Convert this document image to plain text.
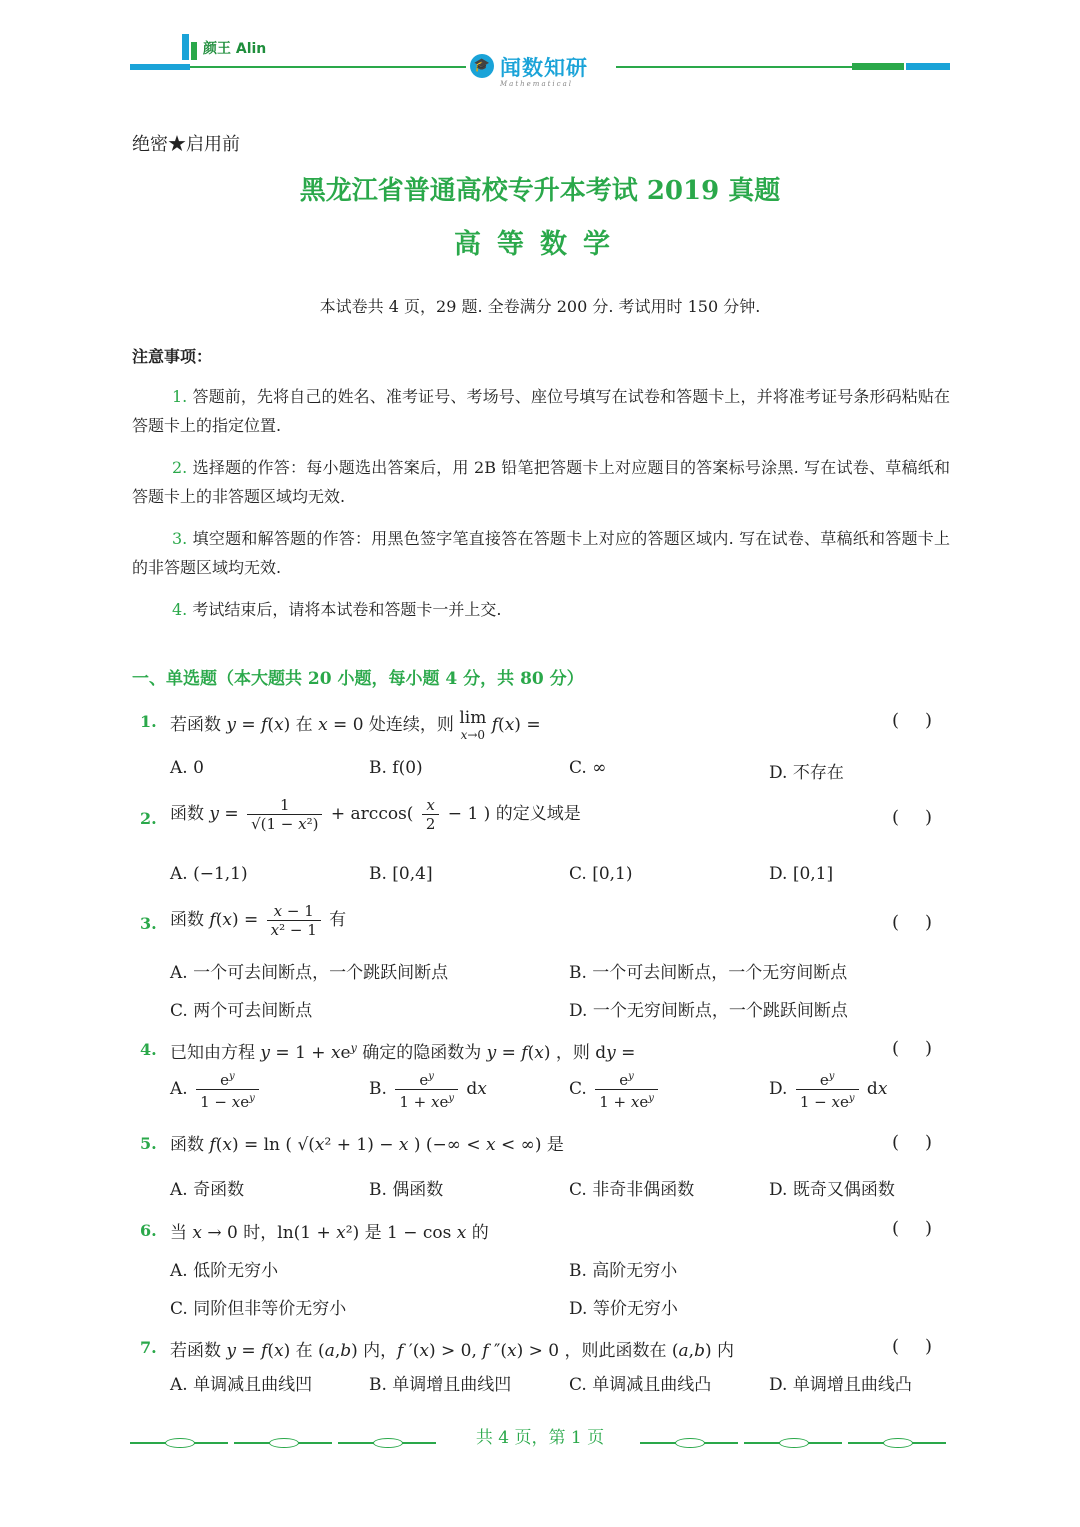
颜王 Alin
🎓 闻数知研
Mathematical
绝密★启用前
黑龙江省普通高校专升本考试 2019 真题
高等数学
本试卷共 4 页，29 题. 全卷满分 200 分. 考试用时 150 分钟.
注意事项：
1. 答题前，先将自己的姓名、准考证号、考场号、座位号填写在试卷和答题卡上，并将准考证号条形码粘贴在答题卡上的指定位置.
2. 选择题的作答：每小题选出答案后，用 2B 铅笔把答题卡上对应题目的答案标号涂黑. 写在试卷、草稿纸和答题卡上的非答题区域均无效.
3. 填空题和解答题的作答：用黑色签字笔直接答在答题卡上对应的答题区域内. 写在试卷、草稿纸和答题卡上的非答题区域均无效.
4. 考试结束后，请将本试卷和答题卡一并上交.
一、单选题（本大题共 20 小题，每小题 4 分，共 80 分）
1. 若函数 y = f(x) 在 x = 0 处连续，则 lim
x→0 f(x) =	()
A. 0	B. f(0)	C. ∞	D. 不存在
2. 函数 $y = \frac{1}{\text{√(1 − x²)}} + \arccos( \frac{x}{2} - 1$ ) 的定义域是	()
A. (−1,1)	B. [0,4]	C. [0,1)	D. [0,1]
3. 函数 $f(x) = \frac{x - 1}{\text{x² − 1}}$ 有	()
A. 一个可去间断点，一个跳跃间断点	B. 一个可去间断点，一个无穷间断点
C. 两个可去间断点	D. 一个无穷间断点，一个跳跃间断点
4. 已知由方程 $y = 1 + xe^y$ 确定的隐函数为 y = f(x) ，则 dy =	()
A. $\frac{e^y}{1 - xe^y}$	B. $\frac{e^y}{1 + xe^y}$ dx	C. $\frac{e^y}{1 + xe^y}$	D. $\frac{e^y}{1 - xe^y}$ dx
5. 函数 f(x) = ln ( √(x² + 1) − x ) (−∞ < x < ∞) 是	()
A. 奇函数	B. 偶函数	C. 非奇非偶函数	D. 既奇又偶函数
6. 当 x → 0 时，ln(1 + x²) 是 1 − cos x 的	()
A. 低阶无穷小	B. 高阶无穷小
C. 同阶但非等价无穷小	D. 等价无穷小
7. 若函数 y = f(x) 在 (a,b) 内，f ′(x) > 0, f ″(x) > 0 ，则此函数在 (a,b) 内	()
A. 单调减且曲线凹	B. 单调增且曲线凹	C. 单调减且曲线凸	D. 单调增且曲线凸
共 4 页，第 1 页
